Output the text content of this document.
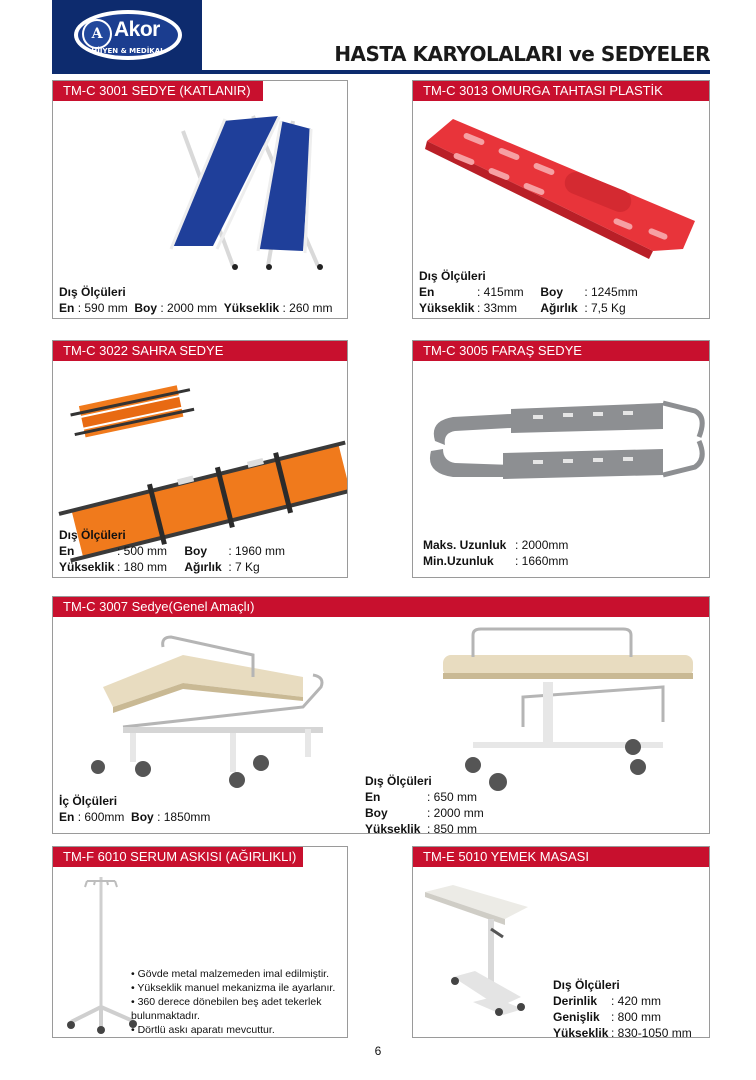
A Akor
HİJYEN & MEDİKAL	HASTA KARYOLALARI ve SEDYELER
TM-C 3001 SEDYE (KATLANIR)
Dış Ölçüleri
En : 590 mm Boy : 2000 mm Yükseklik : 260 mm
TM-C 3013 OMURGA TAHTASI PLASTİK
Dış Ölçüleri
En	: 415mm Boy : 1245mm
Yükseklik : 33mm Ağırlık : 7,5 Kg
TM-C 3022 SAHRA SEDYE
Dış Ölçüleri
En	: 500 mm Boy : 1960 mm
Yükseklik : 180 mm Ağırlık : 7 Kg
TM-C 3005 FARAŞ SEDYE
Maks. Uzunluk : 2000mm
Min.Uzunluk : 1660mm
TM-C 3007 Sedye(Genel Amaçlı)
İç Ölçüleri
En : 600mm Boy : 1850mm
Dış Ölçüleri
En	: 650 mm
Boy	: 2000 mm
Yükseklik : 850 mm
TM-F 6010 SERUM ASKISI (AĞIRLIKLI)
• Gövde metal malzemeden imal edilmiştir.
• Yükseklik manuel mekanizma ile ayarlanır.
• 360 derece dönebilen beş adet tekerlek
bulunmaktadır.
• Dörtlü askı aparatı mevcuttur.
TM-E 5010 YEMEK MASASI
Dış Ölçüleri
Derinlik : 420 mm
Genişlik : 800 mm
Yükseklik : 830-1050 mm
6
